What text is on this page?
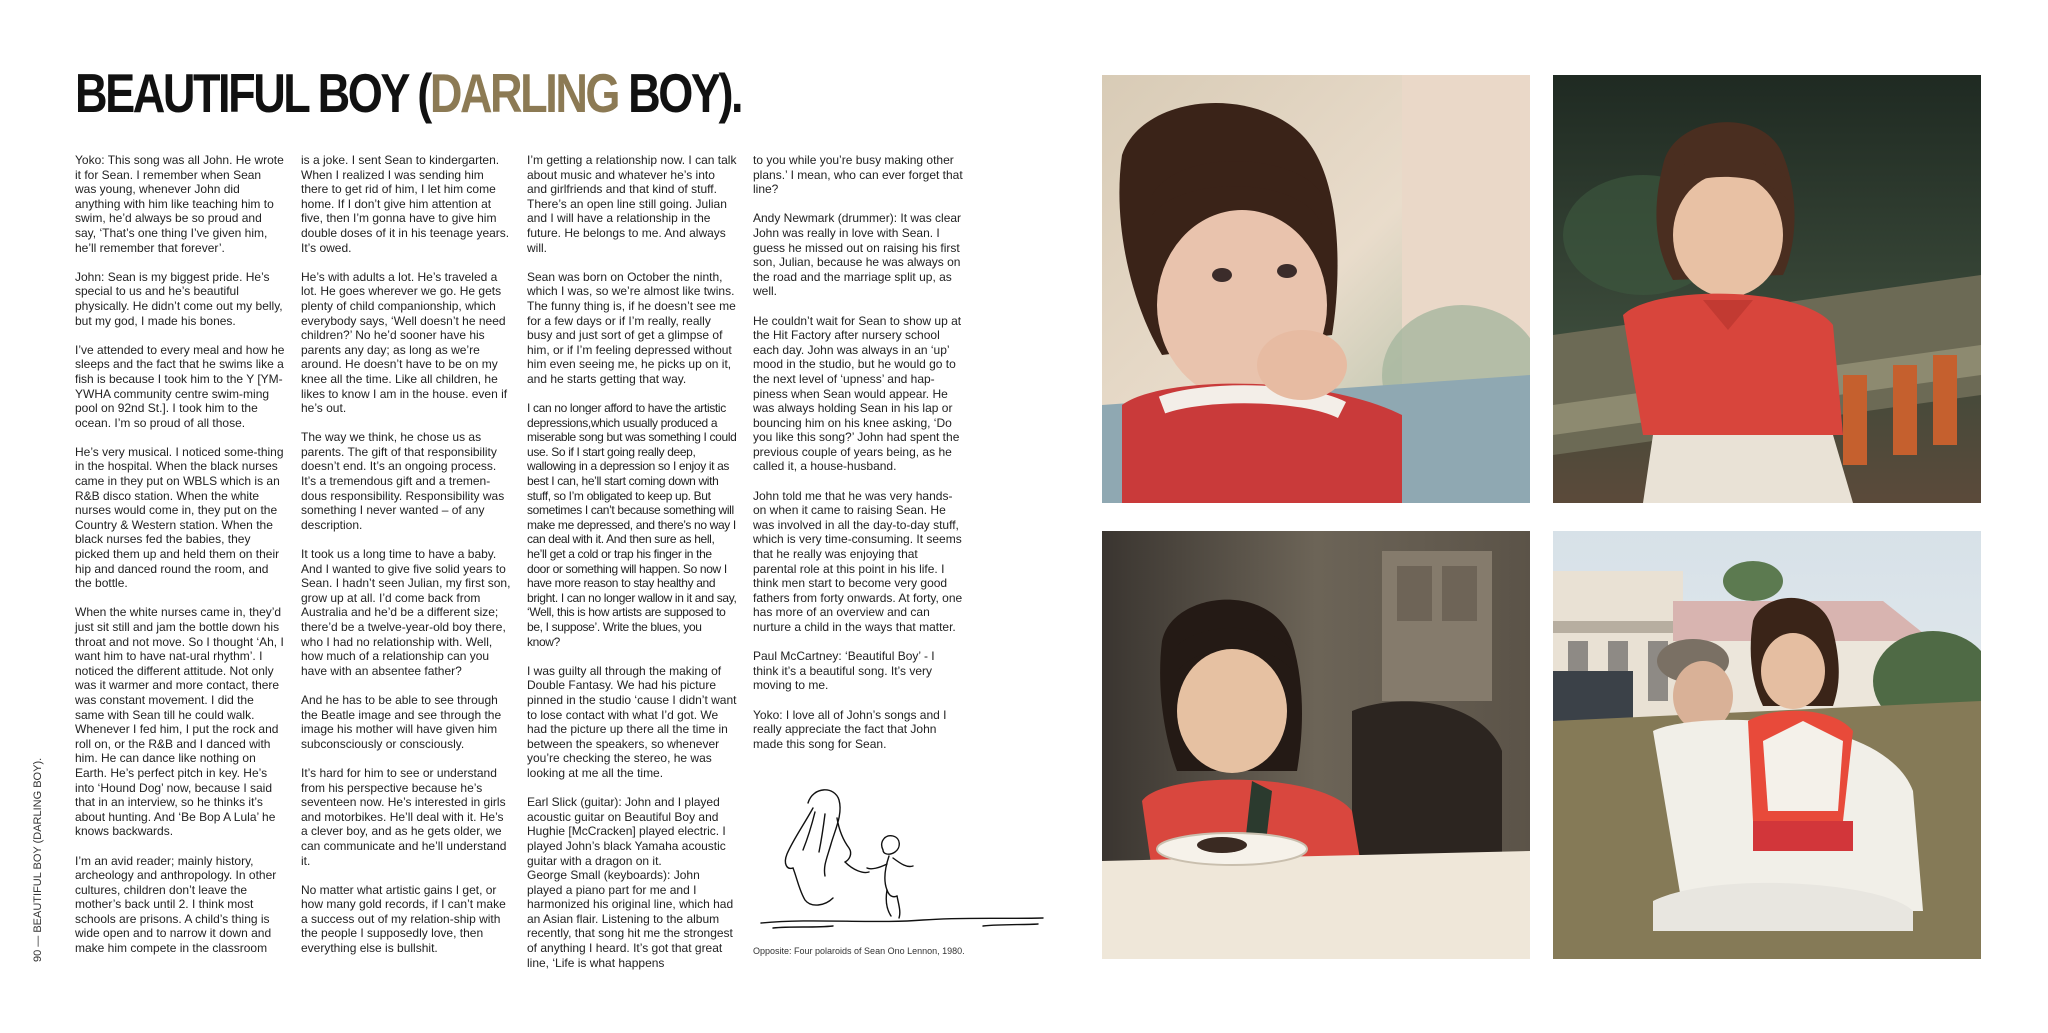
BEAUTIFUL BOY (DARLING BOY).
90 — BEAUTIFUL BOY (DARLING BOY).

Yoko: This song was all John. He wrote it for Sean. I remember when Sean was young, whenever John did anything with him like teaching him to swim, he’d always be so proud and say, ‘That’s one thing I’ve given him, he’ll remember that forever’.

John: Sean is my biggest pride. He’s special to us and he’s beautiful physically. He didn’t come out my belly, but my god, I made his bones.

I’ve attended to every meal and how he sleeps and the fact that he swims like a fish is because I took him to the Y [YM-YWHA community centre swim-ming pool on 92nd St.]. I took him to the ocean. I’m so proud of all those.

He’s very musical. I noticed some-thing in the hospital. When the black nurses came in they put on WBLS which is an R&B disco station. When the white nurses would come in, they put on the Country & Western station. When the black nurses fed the babies, they picked them up and held them on their hip and danced round the room, and the bottle.

When the white nurses came in, they’d just sit still and jam the bottle down his throat and not move. So I thought ‘Ah, I want him to have nat-ural rhythm’. I noticed the different attitude. Not only was it warmer and more contact, there was constant movement. I did the same with Sean till he could walk. Whenever I fed him, I put the rock and roll on, or the R&B and I danced with him. He can dance like nothing on Earth. He’s perfect pitch in key. He’s into ‘Hound Dog’ now, because I said that in an interview, so he thinks it’s about hunting. And ‘Be Bop A Lula’ he knows backwards.

I’m an avid reader; mainly history, archeology and anthropology. In other cultures, children don’t leave the mother’s back until 2. I think most schools are prisons. A child’s thing is wide open and to narrow it down and make him compete in the classroom

is a joke. I sent Sean to kindergarten. When I realized I was sending him there to get rid of him, I let him come home. If I don’t give him attention at five, then I’m gonna have to give him double doses of it in his teenage years. It’s owed.

He’s with adults a lot. He’s traveled a lot. He goes wherever we go. He gets plenty of child companionship, which everybody says, ‘Well doesn’t he need children?’ No he’d sooner have his parents any day; as long as we’re around. He doesn’t have to be on my knee all the time. Like all children, he likes to know I am in the house. even if he’s out.

The way we think, he chose us as parents. The gift of that responsibility doesn’t end. It’s an ongoing process. It’s a tremendous gift and a tremen-dous responsibility. Responsibility was something I never wanted – of any description.

It took us a long time to have a baby. And I wanted to give five solid years to Sean. I hadn’t seen Julian, my first son, grow up at all. I’d come back from Australia and he’d be a different size; there’d be a twelve-year-old boy there, who I had no relationship with. Well, how much of a relationship can you have with an absentee father?

And he has to be able to see through the Beatle image and see through the image his mother will have given him subconsciously or consciously.

It’s hard for him to see or understand from his perspective because he’s seventeen now. He’s interested in girls and motorbikes. He’ll deal with it. He’s a clever boy, and as he gets older, we can communicate and he’ll understand it.

No matter what artistic gains I get, or how many gold records, if I can’t make a success out of my relation-ship with the people I supposedly love, then everything else is bullshit.

I’m getting a relationship now. I can talk about music and whatever he’s into and girlfriends and that kind of stuff. There’s an open line still going. Julian and I will have a relationship in the future. He belongs to me. And always will.

Sean was born on October the ninth, which I was, so we’re almost like twins. The funny thing is, if he doesn’t see me for a few days or if I’m really, really busy and just sort of get a glimpse of him, or if I’m feeling depressed without him even seeing me, he picks up on it, and he starts getting that way.

I can no longer afford to have the artistic depressions,which usually produced a miserable song but was something I could use. So if I start going really deep, wallowing in a depression so I enjoy it as best I can, he’ll start coming down with stuff, so I’m obligated to keep up. But sometimes I can’t because something will make me depressed, and there’s no way I can deal with it. And then sure as hell, he’ll get a cold or trap his finger in the door or something will happen. So now I have more reason to stay healthy and bright. I can no longer wallow in it and say, ‘Well, this is how artists are supposed to be, I suppose’. Write the blues, you know?

I was guilty all through the making of Double Fantasy. We had his picture pinned in the studio ‘cause I didn’t want to lose contact with what I’d got. We had the picture up there all the time in between the speakers, so whenever you’re checking the stereo, he was looking at me all the time.

Earl Slick (guitar): John and I played acoustic guitar on Beautiful Boy and Hughie [McCracken] played electric. I played John’s black Yamaha acoustic guitar with a dragon on it.
George Small (keyboards): John played a piano part for me and I harmonized his original line, which had an Asian flair. Listening to the album recently, that song hit me the strongest of anything I heard. It’s got that great line, ‘Life is what happens

to you while you’re busy making other plans.’ I mean, who can ever forget that line?

Andy Newmark (drummer): It was clear John was really in love with Sean. I guess he missed out on raising his first son, Julian, because he was always on the road and the marriage split up, as well.

He couldn’t wait for Sean to show up at the Hit Factory after nursery school each day. John was always in an ‘up’ mood in the studio, but he would go to the next level of ‘upness’ and hap-piness when Sean would appear. He was always holding Sean in his lap or bouncing him on his knee asking, ‘Do you like this song?’ John had spent the previous couple of years being, as he called it, a house-husband.

John told me that he was very hands-on when it came to raising Sean. He was involved in all the day-to-day stuff, which is very time-consuming. It seems that he really was enjoying that parental role at this point in his life. I think men start to become very good fathers from forty onwards. At forty, one has more of an overview and can nurture a child in the ways that matter.

Paul McCartney: ‘Beautiful Boy’ - I think it’s a beautiful song. It’s very moving to me.

Yoko: I love all of John’s songs and I really appreciate the fact that John made this song for Sean.

Opposite: Four polaroids of Sean Ono Lennon, 1980.
